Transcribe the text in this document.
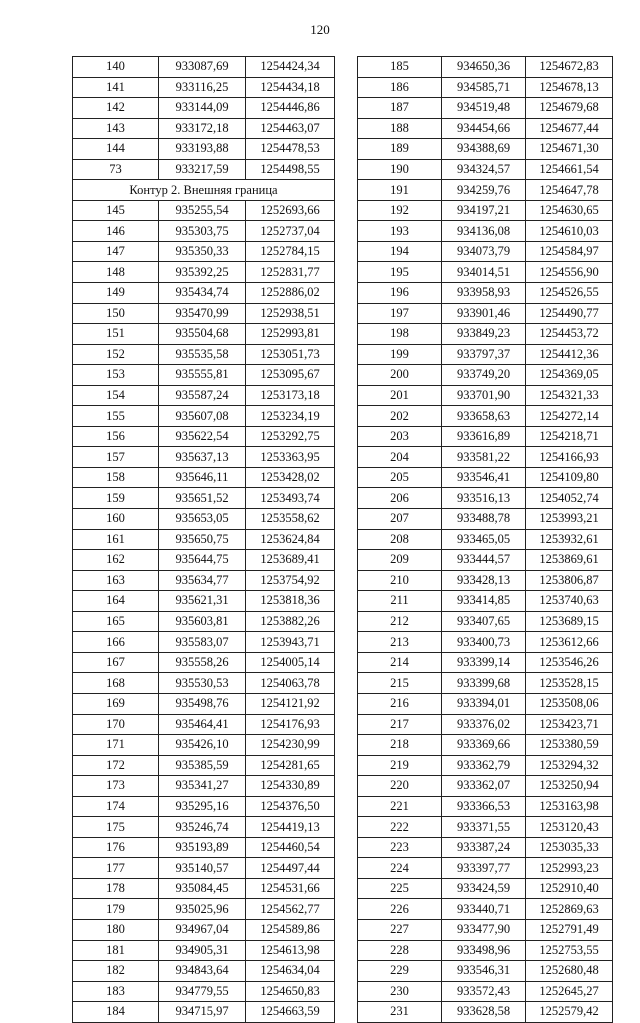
120
140	933087,69	1254424,34
141	933116,25	1254434,18
142	933144,09	1254446,86
143	933172,18	1254463,07
144	933193,88	1254478,53
73	933217,59	1254498,55
Контур 2. Внешняя граница		
145	935255,54	1252693,66
146	935303,75	1252737,04
147	935350,33	1252784,15
148	935392,25	1252831,77
149	935434,74	1252886,02
150	935470,99	1252938,51
151	935504,68	1252993,81
152	935535,58	1253051,73
153	935555,81	1253095,67
154	935587,24	1253173,18
155	935607,08	1253234,19
156	935622,54	1253292,75
157	935637,13	1253363,95
158	935646,11	1253428,02
159	935651,52	1253493,74
160	935653,05	1253558,62
161	935650,75	1253624,84
162	935644,75	1253689,41
163	935634,77	1253754,92
164	935621,31	1253818,36
165	935603,81	1253882,26
166	935583,07	1253943,71
167	935558,26	1254005,14
168	935530,53	1254063,78
169	935498,76	1254121,92
170	935464,41	1254176,93
171	935426,10	1254230,99
172	935385,59	1254281,65
173	935341,27	1254330,89
174	935295,16	1254376,50
175	935246,74	1254419,13
176	935193,89	1254460,54
177	935140,57	1254497,44
178	935084,45	1254531,66
179	935025,96	1254562,77
180	934967,04	1254589,86
181	934905,31	1254613,98
182	934843,64	1254634,04
183	934779,55	1254650,83
184	934715,97	1254663,59
185	934650,36	1254672,83
186	934585,71	1254678,13
187	934519,48	1254679,68
188	934454,66	1254677,44
189	934388,69	1254671,30
190	934324,57	1254661,54
191	934259,76	1254647,78
192	934197,21	1254630,65
193	934136,08	1254610,03
194	934073,79	1254584,97
195	934014,51	1254556,90
196	933958,93	1254526,55
197	933901,46	1254490,77
198	933849,23	1254453,72
199	933797,37	1254412,36
200	933749,20	1254369,05
201	933701,90	1254321,33
202	933658,63	1254272,14
203	933616,89	1254218,71
204	933581,22	1254166,93
205	933546,41	1254109,80
206	933516,13	1254052,74
207	933488,78	1253993,21
208	933465,05	1253932,61
209	933444,57	1253869,61
210	933428,13	1253806,87
211	933414,85	1253740,63
212	933407,65	1253689,15
213	933400,73	1253612,66
214	933399,14	1253546,26
215	933399,68	1253528,15
216	933394,01	1253508,06
217	933376,02	1253423,71
218	933369,66	1253380,59
219	933362,79	1253294,32
220	933362,07	1253250,94
221	933366,53	1253163,98
222	933371,55	1253120,43
223	933387,24	1253035,33
224	933397,77	1252993,23
225	933424,59	1252910,40
226	933440,71	1252869,63
227	933477,90	1252791,49
228	933498,96	1252753,55
229	933546,31	1252680,48
230	933572,43	1252645,27
231	933628,58	1252579,42
